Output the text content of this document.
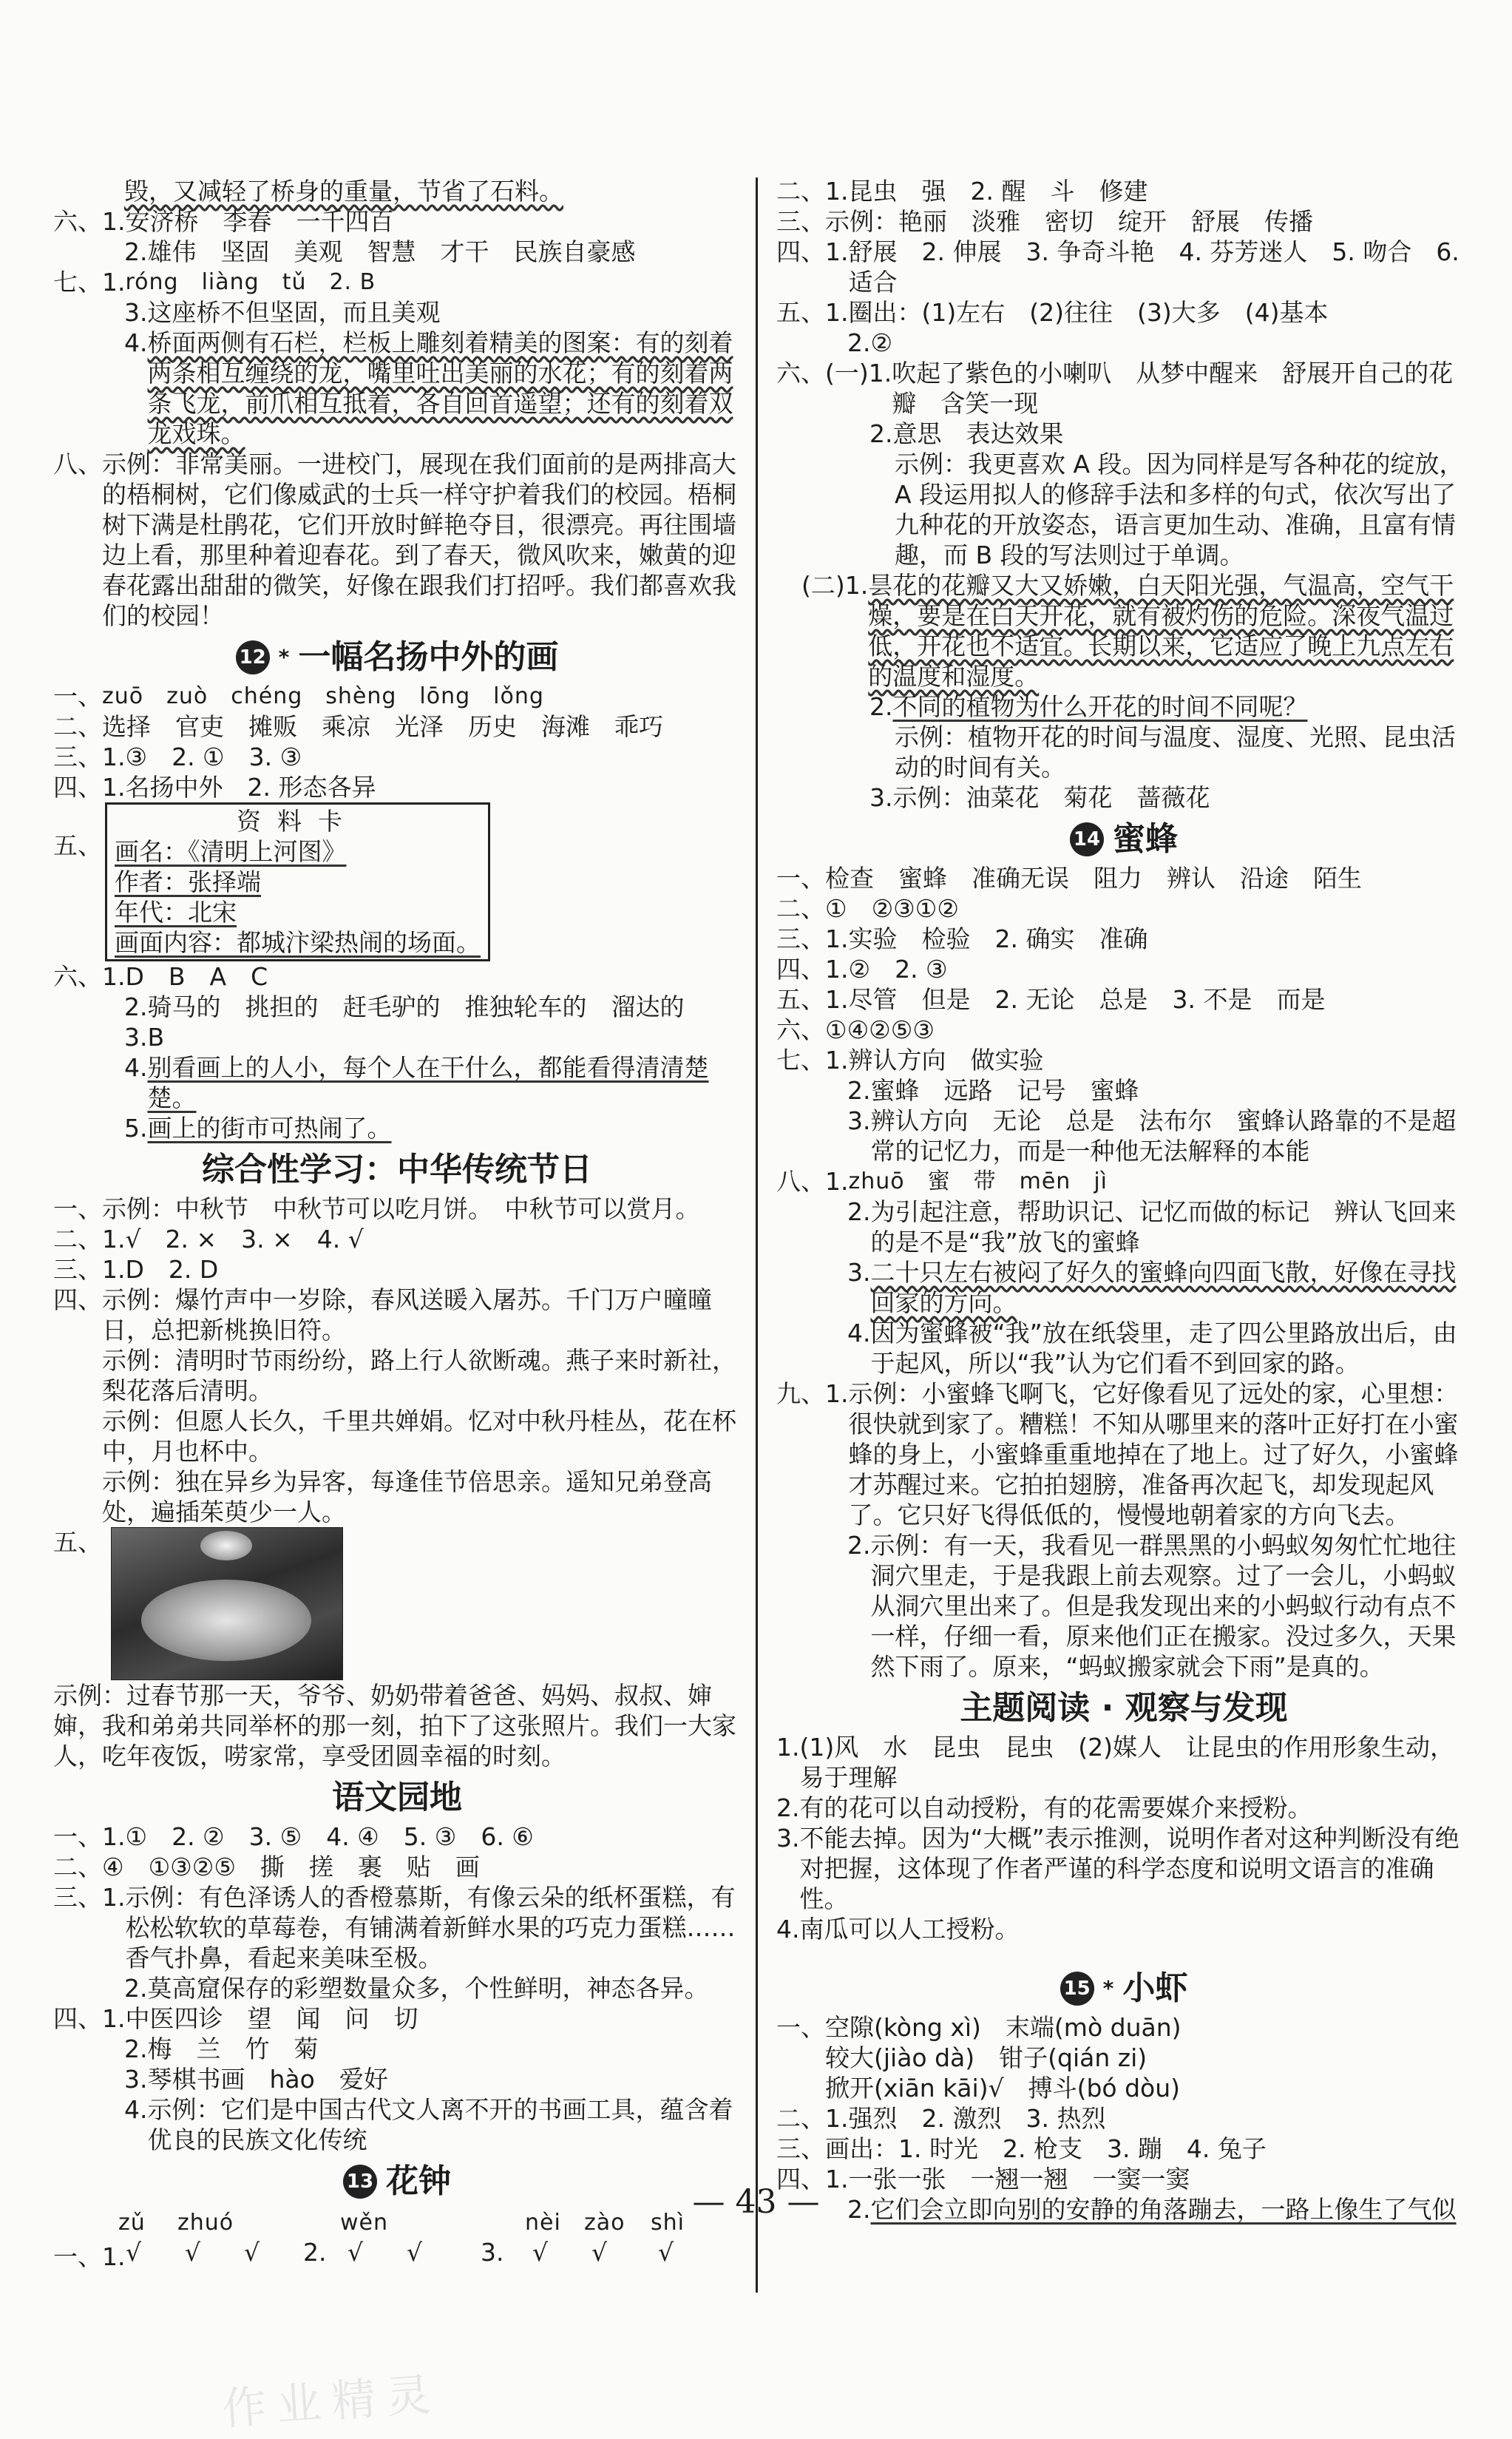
毁，又减轻了桥身的重量，节省了石料。
六、1. 安济桥　李春　一千四百
2. 雄伟　坚固　美观　智慧　才干　民族自豪感
七、1. róng　liàng　tǔ　2. B
3. 这座桥不但坚固，而且美观
4. 桥面两侧有石栏，栏板上雕刻着精美的图案：有的刻着两条相互缠绕的龙，嘴里吐出美丽的水花；有的刻着两条飞龙，前爪相互抵着，各自回首遥望；还有的刻着双龙戏珠。
八、 示例：非常美丽。一进校门，展现在我们面前的是两排高大的梧桐树，它们像威武的士兵一样守护着我们的校园。梧桐树下满是杜鹃花，它们开放时鲜艳夺目，很漂亮。再往围墙边上看，那里种着迎春花。到了春天，微风吹来，嫩黄的迎春花露出甜甜的微笑，好像在跟我们打招呼。我们都喜欢我们的校园！
12 * 一幅名扬中外的画
一、 zuō　zuò　chéng　shèng　lōng　lǒng
二、 选择　官吏　摊贩　乘凉　光泽　历史　海滩　乖巧
三、1. ③　2. ①　3. ③
四、1. 名扬中外　2. 形态各异
五、
资料卡
画名：《清明上河图》
作者：张择端
年代：北宋
画面内容：都城汴梁热闹的场面。
六、1. D　B　A　C
2. 骑马的　挑担的　赶毛驴的　推独轮车的　溜达的
3. B
4. 别看画上的人小，每个人在干什么，都能看得清清楚楚。
5. 画上的街市可热闹了。
综合性学习：中华传统节日
一、 示例：中秋节　中秋节可以吃月饼。　中秋节可以赏月。
二、1. √　2. ×　3. ×　4. √
三、1. D　2. D
四、 示例：爆竹声中一岁除，春风送暖入屠苏。千门万户曈曈日，总把新桃换旧符。
示例：清明时节雨纷纷，路上行人欲断魂。燕子来时新社，梨花落后清明。
示例：但愿人长久，千里共婵娟。忆对中秋丹桂丛，花在杯中，月也杯中。
示例：独在异乡为异客，每逢佳节倍思亲。遥知兄弟登高处，遍插茱萸少一人。
五、
示例：过春节那一天，爷爷、奶奶带着爸爸、妈妈、叔叔、婶婶，我和弟弟共同举杯的那一刻，拍下了这张照片。我们一大家人，吃年夜饭，唠家常，享受团圆幸福的时刻。
语文园地
一、1. ①　2. ②　3. ⑤　4. ④　5. ③　6. ⑥
二、 ④　①③②⑤　撕　搓　裹　贴　画
三、1. 示例：有色泽诱人的香橙慕斯，有像云朵的纸杯蛋糕，有松松软软的草莓卷，有铺满着新鲜水果的巧克力蛋糕……香气扑鼻，看起来美味至极。
2. 莫高窟保存的彩塑数量众多，个性鲜明，神态各异。
四、1. 中医四诊　望　闻　问　切
2. 梅　兰　竹　菊
3. 琴棋书画　hào　爱好
4. 示例：它们是中国古代文人离不开的书画工具，蕴含着优良的民族文化传统
13 花钟
zǔ zhuó	wěn	nèi zào shì
一、1. √ √ √ 2. √ √ 3. √ √ √
二、1. 昆虫　强　2. 醒　斗　修建
三、 示例：艳丽　淡雅　密切　绽开　舒展　传播
四、1. 舒展　2. 伸展　3. 争奇斗艳　4. 芬芳迷人　5. 吻合　6. 适合
五、1. 圈出：(1)左右　(2)往往　(3)大多　(4)基本
2. ②
六、(一)1. 吹起了紫色的小喇叭　从梦中醒来　舒展开自己的花瓣　含笑一现
2. 意思　表达效果
示例：我更喜欢 A 段。因为同样是写各种花的绽放，A 段运用拟人的修辞手法和多样的句式，依次写出了九种花的开放姿态，语言更加生动、准确，且富有情趣，而 B 段的写法则过于单调。
(二)1. 昙花的花瓣又大又娇嫩，白天阳光强，气温高，空气干燥，要是在白天开花，就有被灼伤的危险。深夜气温过低，开花也不适宜。长期以来，它适应了晚上九点左右的温度和湿度。
2. 不同的植物为什么开花的时间不同呢？
示例：植物开花的时间与温度、湿度、光照、昆虫活动的时间有关。
3. 示例：油菜花　菊花　蔷薇花
14 蜜蜂
一、 检查　蜜蜂　准确无误　阻力　辨认　沿途　陌生
二、 ①　②③①②
三、1. 实验　检验　2. 确实　准确
四、1. ②　2. ③
五、1. 尽管　但是　2. 无论　总是　3. 不是　而是
六、 ①④②⑤③
七、1. 辨认方向　做实验
2. 蜜蜂　远路　记号　蜜蜂
3. 辨认方向　无论　总是　法布尔　蜜蜂认路靠的不是超常的记忆力，而是一种他无法解释的本能
八、1. zhuō　蜜　带　mēn　jì
2. 为引起注意，帮助识记、记忆而做的标记　辨认飞回来的是不是“我”放飞的蜜蜂
3. 二十只左右被闷了好久的蜜蜂向四面飞散，好像在寻找回家的方向。
4. 因为蜜蜂被“我”放在纸袋里，走了四公里路放出后，由于起风，所以“我”认为它们看不到回家的路。
九、1. 示例：小蜜蜂飞啊飞，它好像看见了远处的家，心里想：很快就到家了。糟糕！不知从哪里来的落叶正好打在小蜜蜂的身上，小蜜蜂重重地掉在了地上。过了好久，小蜜蜂才苏醒过来。它拍拍翅膀，准备再次起飞，却发现起风了。它只好飞得低低的，慢慢地朝着家的方向飞去。
2. 示例：有一天，我看见一群黑黑的小蚂蚁匆匆忙忙地往洞穴里走，于是我跟上前去观察。过了一会儿，小蚂蚁从洞穴里出来了。但是我发现出来的小蚂蚁行动有点不一样，仔细一看，原来他们正在搬家。没过多久，天果然下雨了。原来，“蚂蚁搬家就会下雨”是真的。
主题阅读 · 观察与发现
1. (1)风　水　昆虫　昆虫　(2)媒人　让昆虫的作用形象生动，易于理解
2. 有的花可以自动授粉，有的花需要媒介来授粉。
3. 不能去掉。因为“大概”表示推测，说明作者对这种判断没有绝对把握，这体现了作者严谨的科学态度和说明文语言的准确性。
4. 南瓜可以人工授粉。
15 * 小虾
一、 空隙(kòng xì)　末端(mò duān)
较大(jiào dà)　钳子(qián zi)
掀开(xiān kāi)√　搏斗(bó dòu)
二、1. 强烈　2. 激烈　3. 热烈
三、 画出：1. 时光　2. 枪支　3. 蹦　4. 兔子
四、1. 一张一张　一翘一翘　一窦一窦
2. 它们会立即向别的安静的角落蹦去，一路上像生了气似
— 43 —
作业精灵
